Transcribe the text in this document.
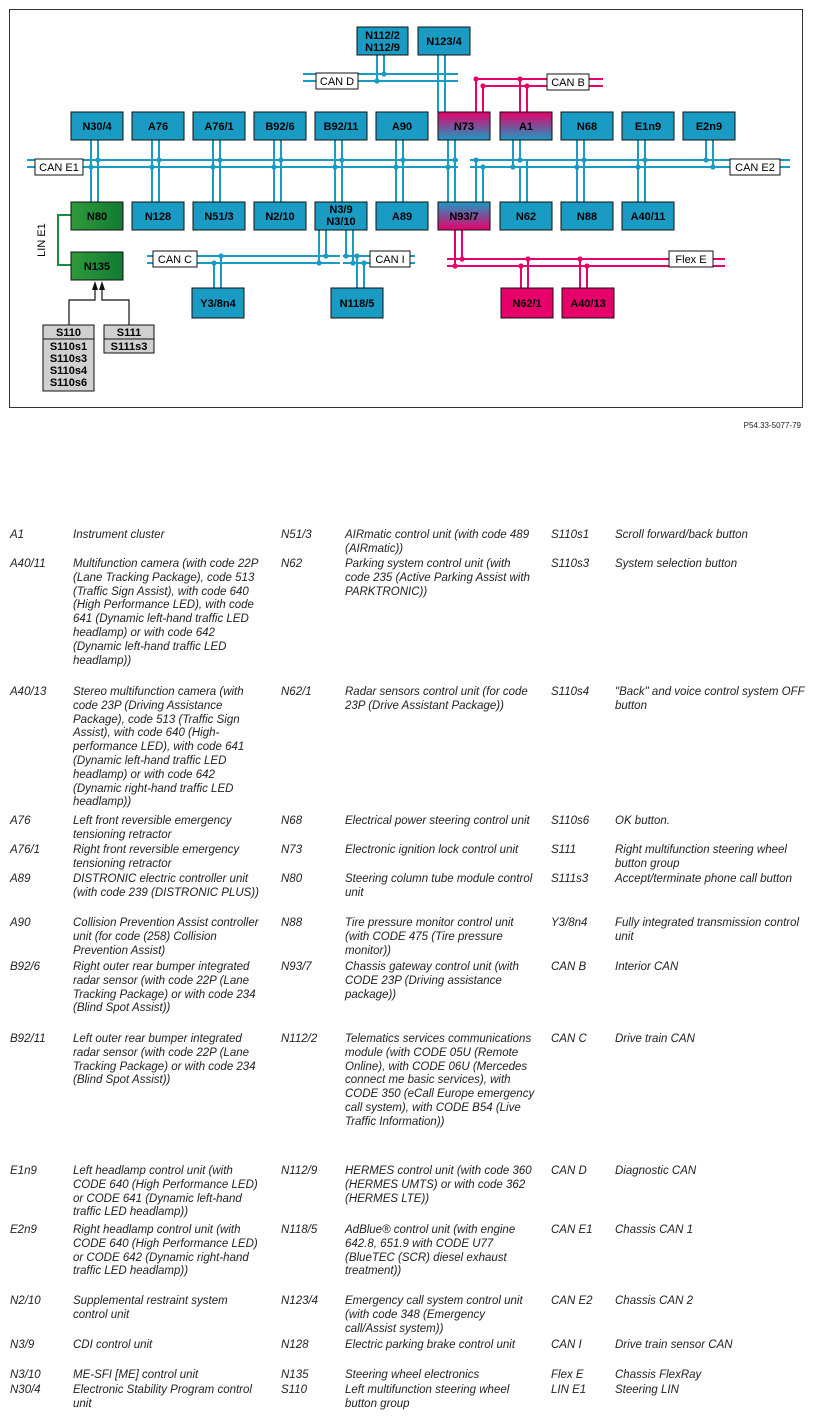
CAN D	CAN B
CAN E1	CAN E2
CAN C	CAN I	Flex E
LIN E1
N112/2
N112/9 N123/4
N30/4	A76	A76/1	B92/6	B92/11	A90	N73	A1	N68	E1n9	E2n9
N80	N128	N51/3	N2/10
N3/9
N3/10	A89	N93/7	N62	N88	A40/11
N135
Y3/8n4	N118/5	N62/1	A40/13
S110
S110s1
S110s3
S110s4
S110s6
S111
S111s3
P54.33-5077-79
A1	Instrument cluster
A40/11	Multifunction camera (with code 22P (Lane Tracking Package), code 513 (Traffic Sign Assist), with code 640 (High Performance LED), with code 641 (Dynamic left-hand traffic LED headlamp) or with code 642 (Dynamic left-hand traffic LED headlamp))
A40/13	Stereo multifunction camera (with code 23P (Driving Assistance Package), code 513 (Traffic Sign Assist), with code 640 (High-performance LED), with code 641 (Dynamic left-hand traffic LED headlamp) or with code 642 (Dynamic right-hand traffic LED headlamp))
A76	Left front reversible emergency tensioning retractor
A76/1	Right front reversible emergency tensioning retractor
A89	DISTRONIC electric controller unit (with code 239 (DISTRONIC PLUS))
A90	Collision Prevention Assist controller unit (for code (258) Collision Prevention Assist)
B92/6	Right outer rear bumper integrated radar sensor (with code 22P (Lane Tracking Package) or with code 234 (Blind Spot Assist))
B92/11	Left outer rear bumper integrated radar sensor (with code 22P (Lane Tracking Package) or with code 234 (Blind Spot Assist))
E1n9	Left headlamp control unit (with CODE 640 (High Performance LED) or CODE 641 (Dynamic left-hand traffic LED headlamp))
E2n9	Right headlamp control unit (with CODE 640 (High Performance LED) or CODE 642 (Dynamic right-hand traffic LED headlamp))
N2/10	Supplemental restraint system control unit
N3/9	CDI control unit
N3/10	ME-SFI [ME] control unit
N30/4	Electronic Stability Program control unit
N51/3	AIRmatic control unit (with code 489 (AIRmatic))
N62	Parking system control unit (with code 235 (Active Parking Assist with PARKTRONIC))
N62/1	Radar sensors control unit (for code 23P (Drive Assistant Package))
N68	Electrical power steering control unit
N73	Electronic ignition lock control unit
N80	Steering column tube module control unit
N88	Tire pressure monitor control unit (with CODE 475 (Tire pressure monitor))
N93/7	Chassis gateway control unit (with CODE 23P (Driving assistance package))
N112/2	Telematics services communications module (with CODE 05U (Remote Online), with CODE 06U (Mercedes connect me basic services), with CODE 350 (eCall Europe emergency call system), with CODE B54 (Live Traffic Information))
N112/9	HERMES control unit (with code 360 (HERMES UMTS) or with code 362 (HERMES LTE))
N118/5	AdBlue® control unit (with engine 642.8, 651.9 with CODE U77 (BlueTEC (SCR) diesel exhaust treatment))
N123/4	Emergency call system control unit (with code 348 (Emergency call/Assist system))
N128	Electric parking brake control unit
N135	Steering wheel electronics
S110	Left multifunction steering wheel button group
S110s1	Scroll forward/back button
S110s3	System selection button
S110s4	"Back" and voice control system OFF button
S110s6	OK button.
S111	Right multifunction steering wheel button group
S111s3	Accept/terminate phone call button
Y3/8n4	Fully integrated transmission control unit
CAN B	Interior CAN
CAN C	Drive train CAN
CAN D	Diagnostic CAN
CAN E1	Chassis CAN 1
CAN E2	Chassis CAN 2
CAN I	Drive train sensor CAN
Flex E	Chassis FlexRay
LIN E1	Steering LIN
